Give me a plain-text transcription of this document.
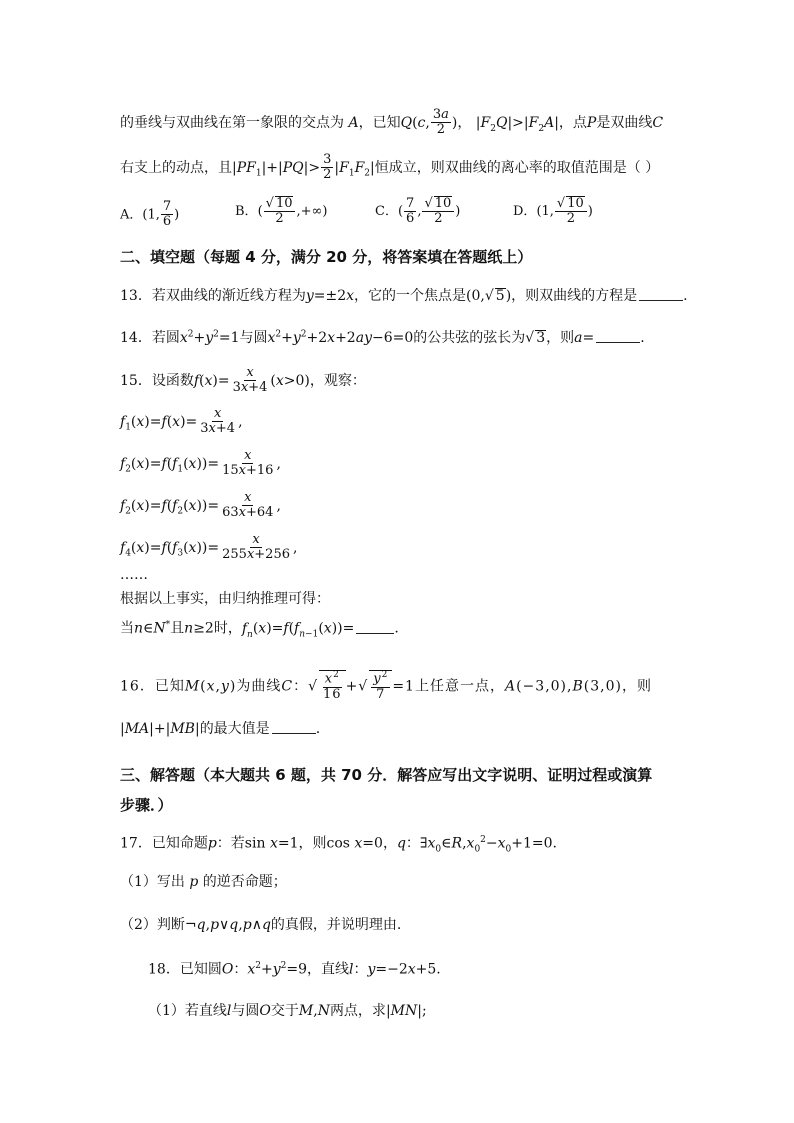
的垂线与双曲线在第一象限的交点为 A，已知Q(c, $\frac{3a}{2}$ )， $|F_2Q|>|F_2A|$，点P是双曲线C
右支上的动点，且$|PF_1|+|PQ|> \frac{3}{2} |F_1F_2|$恒成立，则双曲线的离心率的取值范围是（ ）
A．(1, $\frac{7}{6}$ )	B．( $\frac{√ 10}{2}$ ,+∞)	C．( $\frac{7}{6}$ , $\frac{√ 10}{2}$ )	D．(1, $\frac{√ 10}{2}$ )
二、填空题（每题 4 分，满分 20 分，将答案填在答题纸上）
13．若双曲线的渐近线方程为y=±2x，它的一个焦点是(0,√ 5)，则双曲线的方程是	.
14．若圆$x^2+y^2=1$与圆$x^2+y^2+2x+2ay-6=0$的公共弦的弦长为√ 3，则a=	.
15．设函数$f(x)= \frac{x}{3x+4} (x>0)$，观察：
$f_1(x)=f(x)= \frac{x}{3x+4}$ ,
$f_2(x)=f(f_1(x))= \frac{x}{15x+16}$ ,
$f_2(x)=f(f_2(x))= \frac{x}{63x+64}$ ,
$f_4(x)=f(f_3(x))= \frac{x}{255x+256}$ ,
……
根据以上事实，由归纳推理可得：
当n∈N*且n≥2时，$f_n(x)=f(f_{n-1}(x))=$	.
16．已知M(x,y)为曲线C：√ $\frac{x^2}{16}$ +√ $\frac{y^2}{7} =1$上任意一点，A(−3,0),B(3,0)，则
|MA|+|MB|的最大值是	.
三、解答题（本大题共 6 题，共 70 分．解答应写出文字说明、证明过程或演算
步骤．）
17．已知命题p：若sin x=1，则cos x=0，q：$\exists x_0\in R,x_0^2-x_0+1=0$.
（1）写出 p 的逆否命题；
（2）判断¬q,p∨q,p∧q的真假，并说明理由.
18．已知圆O：$x^2+y^2=9$，直线l：y=−2x+5.
（1）若直线l与圆O交于M,N两点，求|MN|;
